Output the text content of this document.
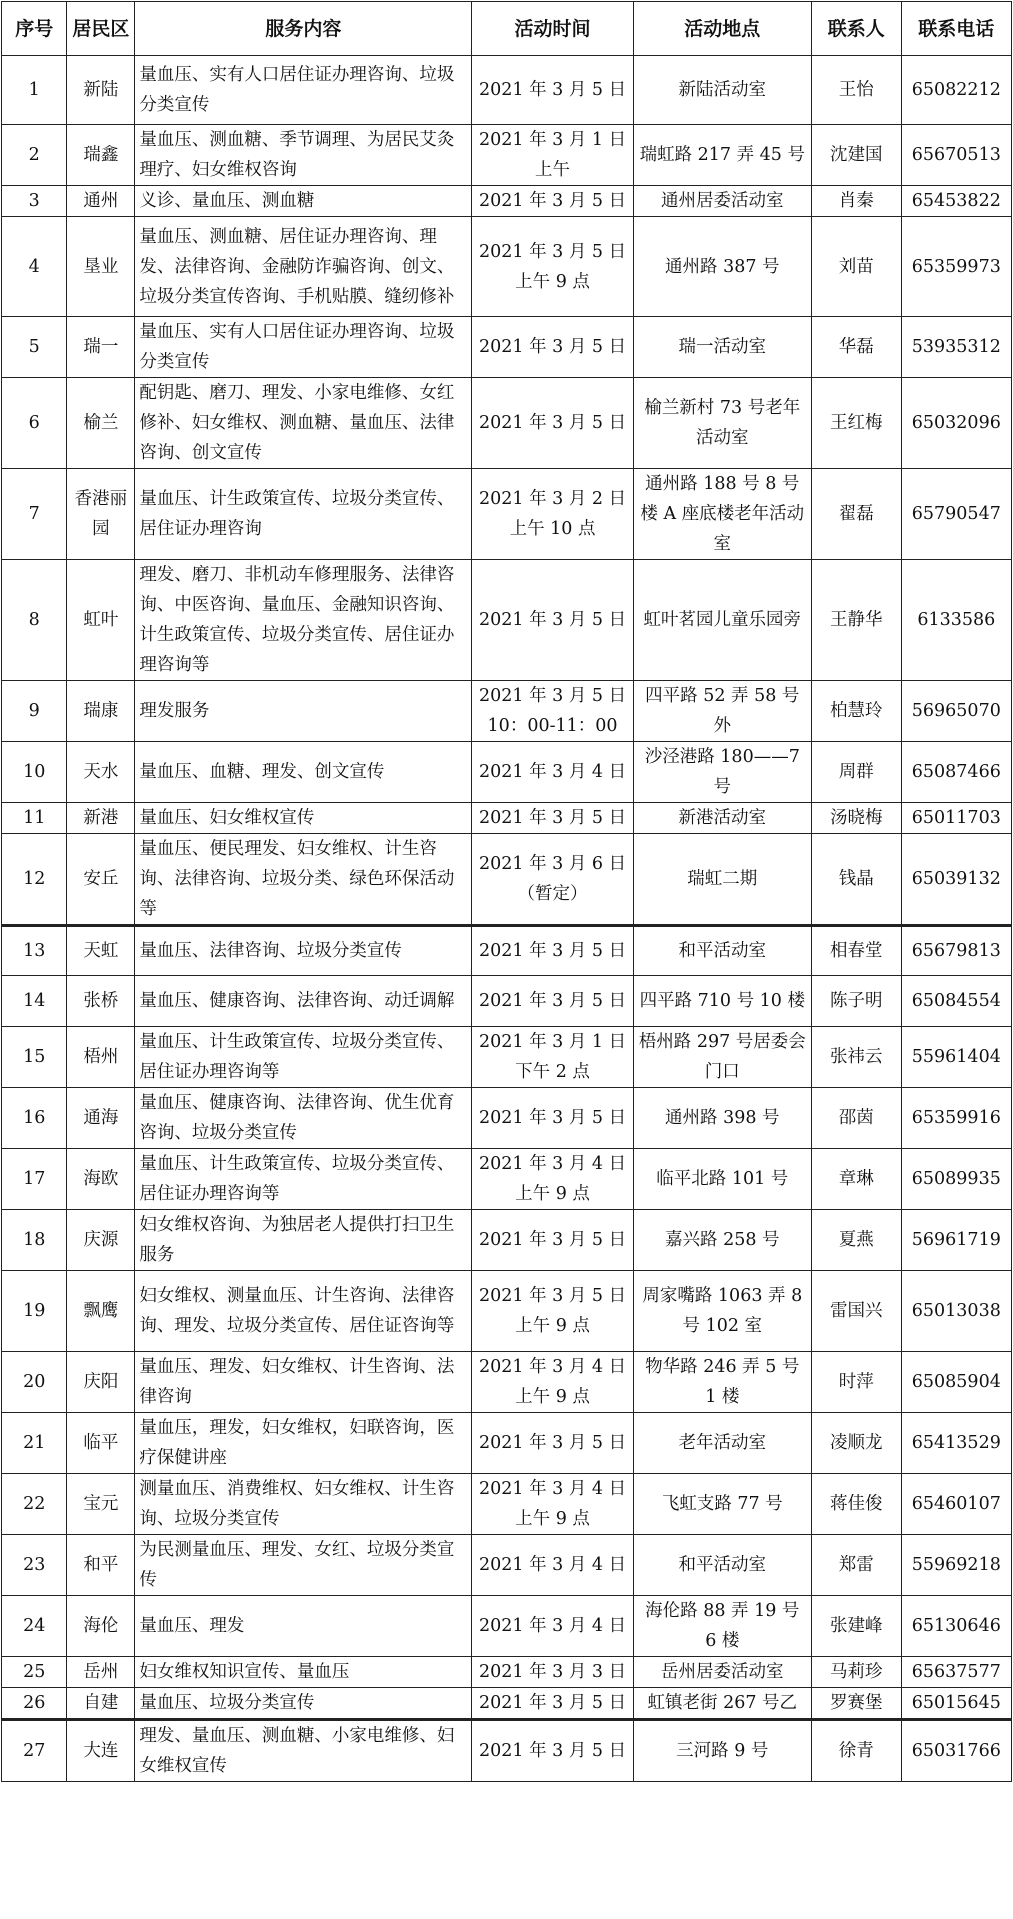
序号	居民区	服务内容	活动时间	活动地点	联系人	联系电话
1	新陆	量血压、实有人口居住证办理咨询、垃圾分类宣传	2021 年 3 月 5 日	新陆活动室	王怡	65082212
2	瑞鑫	量血压、测血糖、季节调理、为居民艾灸理疗、妇女维权咨询	2021 年 3 月 1 日上午	瑞虹路 217 弄 45 号	沈建国	65670513
3	通州	义诊、量血压、测血糖	2021 年 3 月 5 日	通州居委活动室	肖秦	65453822
4	垦业	量血压、测血糖、居住证办理咨询、理发、法律咨询、金融防诈骗咨询、创文、垃圾分类宣传咨询、手机贴膜、缝纫修补	2021 年 3 月 5 日上午 9 点	通州路 387 号	刘苗	65359973
5	瑞一	量血压、实有人口居住证办理咨询、垃圾分类宣传	2021 年 3 月 5 日	瑞一活动室	华磊	53935312
6	榆兰	配钥匙、磨刀、理发、小家电维修、女红修补、妇女维权、测血糖、量血压、法律咨询、创文宣传	2021 年 3 月 5 日	榆兰新村 73 号老年活动室	王红梅	65032096
7	香港丽园	量血压、计生政策宣传、垃圾分类宣传、居住证办理咨询	2021 年 3 月 2 日上午 10 点	通州路 188 号 8 号楼 A 座底楼老年活动室	翟磊	65790547
8	虹叶	理发、磨刀、非机动车修理服务、法律咨询、中医咨询、量血压、金融知识咨询、计生政策宣传、垃圾分类宣传、居住证办理咨询等	2021 年 3 月 5 日	虹叶茗园儿童乐园旁	王静华	6133586
9	瑞康	理发服务	2021 年 3 月 5 日 10：00-11：00	四平路 52 弄 58 号外	柏慧玲	56965070
10	天水	量血压、血糖、理发、创文宣传	2021 年 3 月 4 日	沙泾港路 180——7 号	周群	65087466
11	新港	量血压、妇女维权宣传	2021 年 3 月 5 日	新港活动室	汤晓梅	65011703
12	安丘	量血压、便民理发、妇女维权、计生咨询、法律咨询、垃圾分类、绿色环保活动等	2021 年 3 月 6 日（暂定）	瑞虹二期	钱晶	65039132
13	天虹	量血压、法律咨询、垃圾分类宣传	2021 年 3 月 5 日	和平活动室	相春堂	65679813
14	张桥	量血压、健康咨询、法律咨询、动迁调解	2021 年 3 月 5 日	四平路 710 号 10 楼	陈子明	65084554
15	梧州	量血压、计生政策宣传、垃圾分类宣传、居住证办理咨询等	2021 年 3 月 1 日下午 2 点	梧州路 297 号居委会门口	张祎云	55961404
16	通海	量血压、健康咨询、法律咨询、优生优育咨询、垃圾分类宣传	2021 年 3 月 5 日	通州路 398 号	邵茵	65359916
17	海欧	量血压、计生政策宣传、垃圾分类宣传、居住证办理咨询等	2021 年 3 月 4 日上午 9 点	临平北路 101 号	章琳	65089935
18	庆源	妇女维权咨询、为独居老人提供打扫卫生服务	2021 年 3 月 5 日	嘉兴路 258 号	夏燕	56961719
19	飘鹰	妇女维权、测量血压、计生咨询、法律咨询、理发、垃圾分类宣传、居住证咨询等	2021 年 3 月 5 日上午 9 点	周家嘴路 1063 弄 8 号 102 室	雷国兴	65013038
20	庆阳	量血压、理发、妇女维权、计生咨询、法律咨询	2021 年 3 月 4 日上午 9 点	物华路 246 弄 5 号 1 楼	时萍	65085904
21	临平	量血压，理发，妇女维权，妇联咨询，医疗保健讲座	2021 年 3 月 5 日	老年活动室	凌顺龙	65413529
22	宝元	测量血压、消费维权、妇女维权、计生咨询、垃圾分类宣传	2021 年 3 月 4 日上午 9 点	飞虹支路 77 号	蒋佳俊	65460107
23	和平	为民测量血压、理发、女红、垃圾分类宣传	2021 年 3 月 4 日	和平活动室	郑雷	55969218
24	海伦	量血压、理发	2021 年 3 月 4 日	海伦路 88 弄 19 号 6 楼	张建峰	65130646
25	岳州	妇女维权知识宣传、量血压	2021 年 3 月 3 日	岳州居委活动室	马莉珍	65637577
26	自建	量血压、垃圾分类宣传	2021 年 3 月 5 日	虹镇老街 267 号乙	罗赛堡	65015645
27	大连	理发、量血压、测血糖、小家电维修、妇女维权宣传	2021 年 3 月 5 日	三河路 9 号	徐青	65031766
